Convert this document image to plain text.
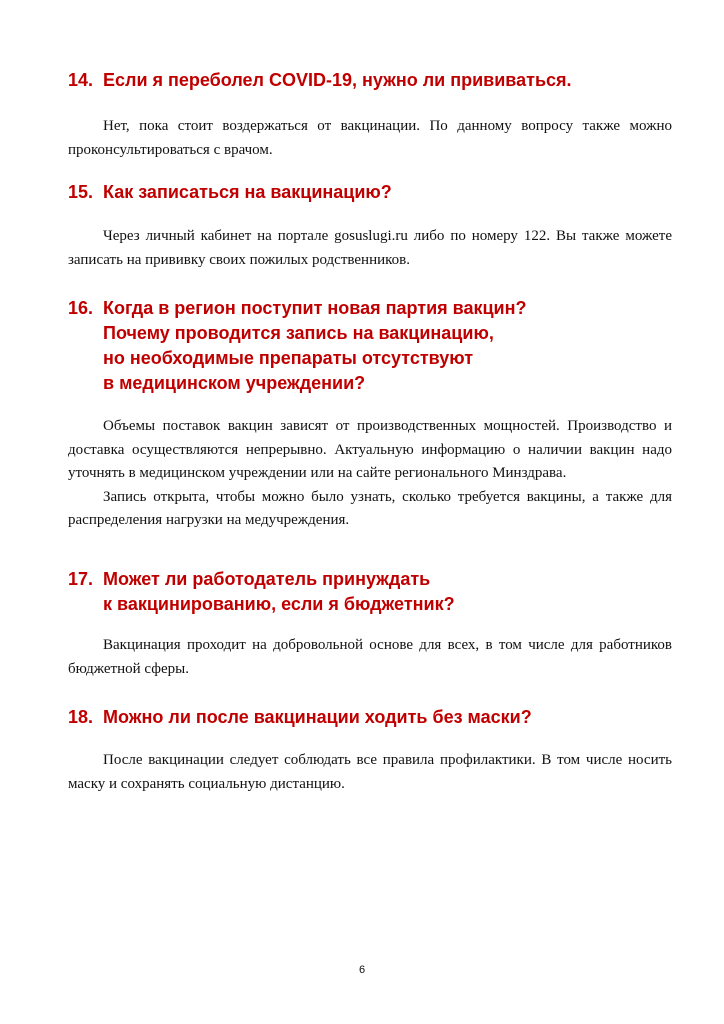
14. Если я переболел COVID-19, нужно ли прививаться.

Нет, пока стоит воздержаться от вакцинации. По данному вопросу также можно проконсультироваться с врачом.

15. Как записаться на вакцинацию?

Через личный кабинет на портале gosuslugi.ru либо по номеру 122. Вы также можете записать на прививку своих пожилых родственников.

16. Когда в регион поступит новая партия вакцин?
Почему проводится запись на вакцинацию,
но необходимые препараты отсутствуют
в медицинском учреждении?

Объемы поставок вакцин зависят от производственных мощностей. Производство и доставка осуществляются непрерывно. Актуальную информацию о наличии вакцин надо уточнять в медицинском учреждении или на сайте регионального Минздрава.

Запись открыта, чтобы можно было узнать, сколько требуется вакцины, а также для распределения нагрузки на медучреждения.

17. Может ли работодатель принуждать
к вакцинированию, если я бюджетник?

Вакцинация проходит на добровольной основе для всех, в том числе для работников бюджетной сферы.

18. Можно ли после вакцинации ходить без маски?

После вакцинации следует соблюдать все правила профилактики. В том числе носить маску и сохранять социальную дистанцию.

6
